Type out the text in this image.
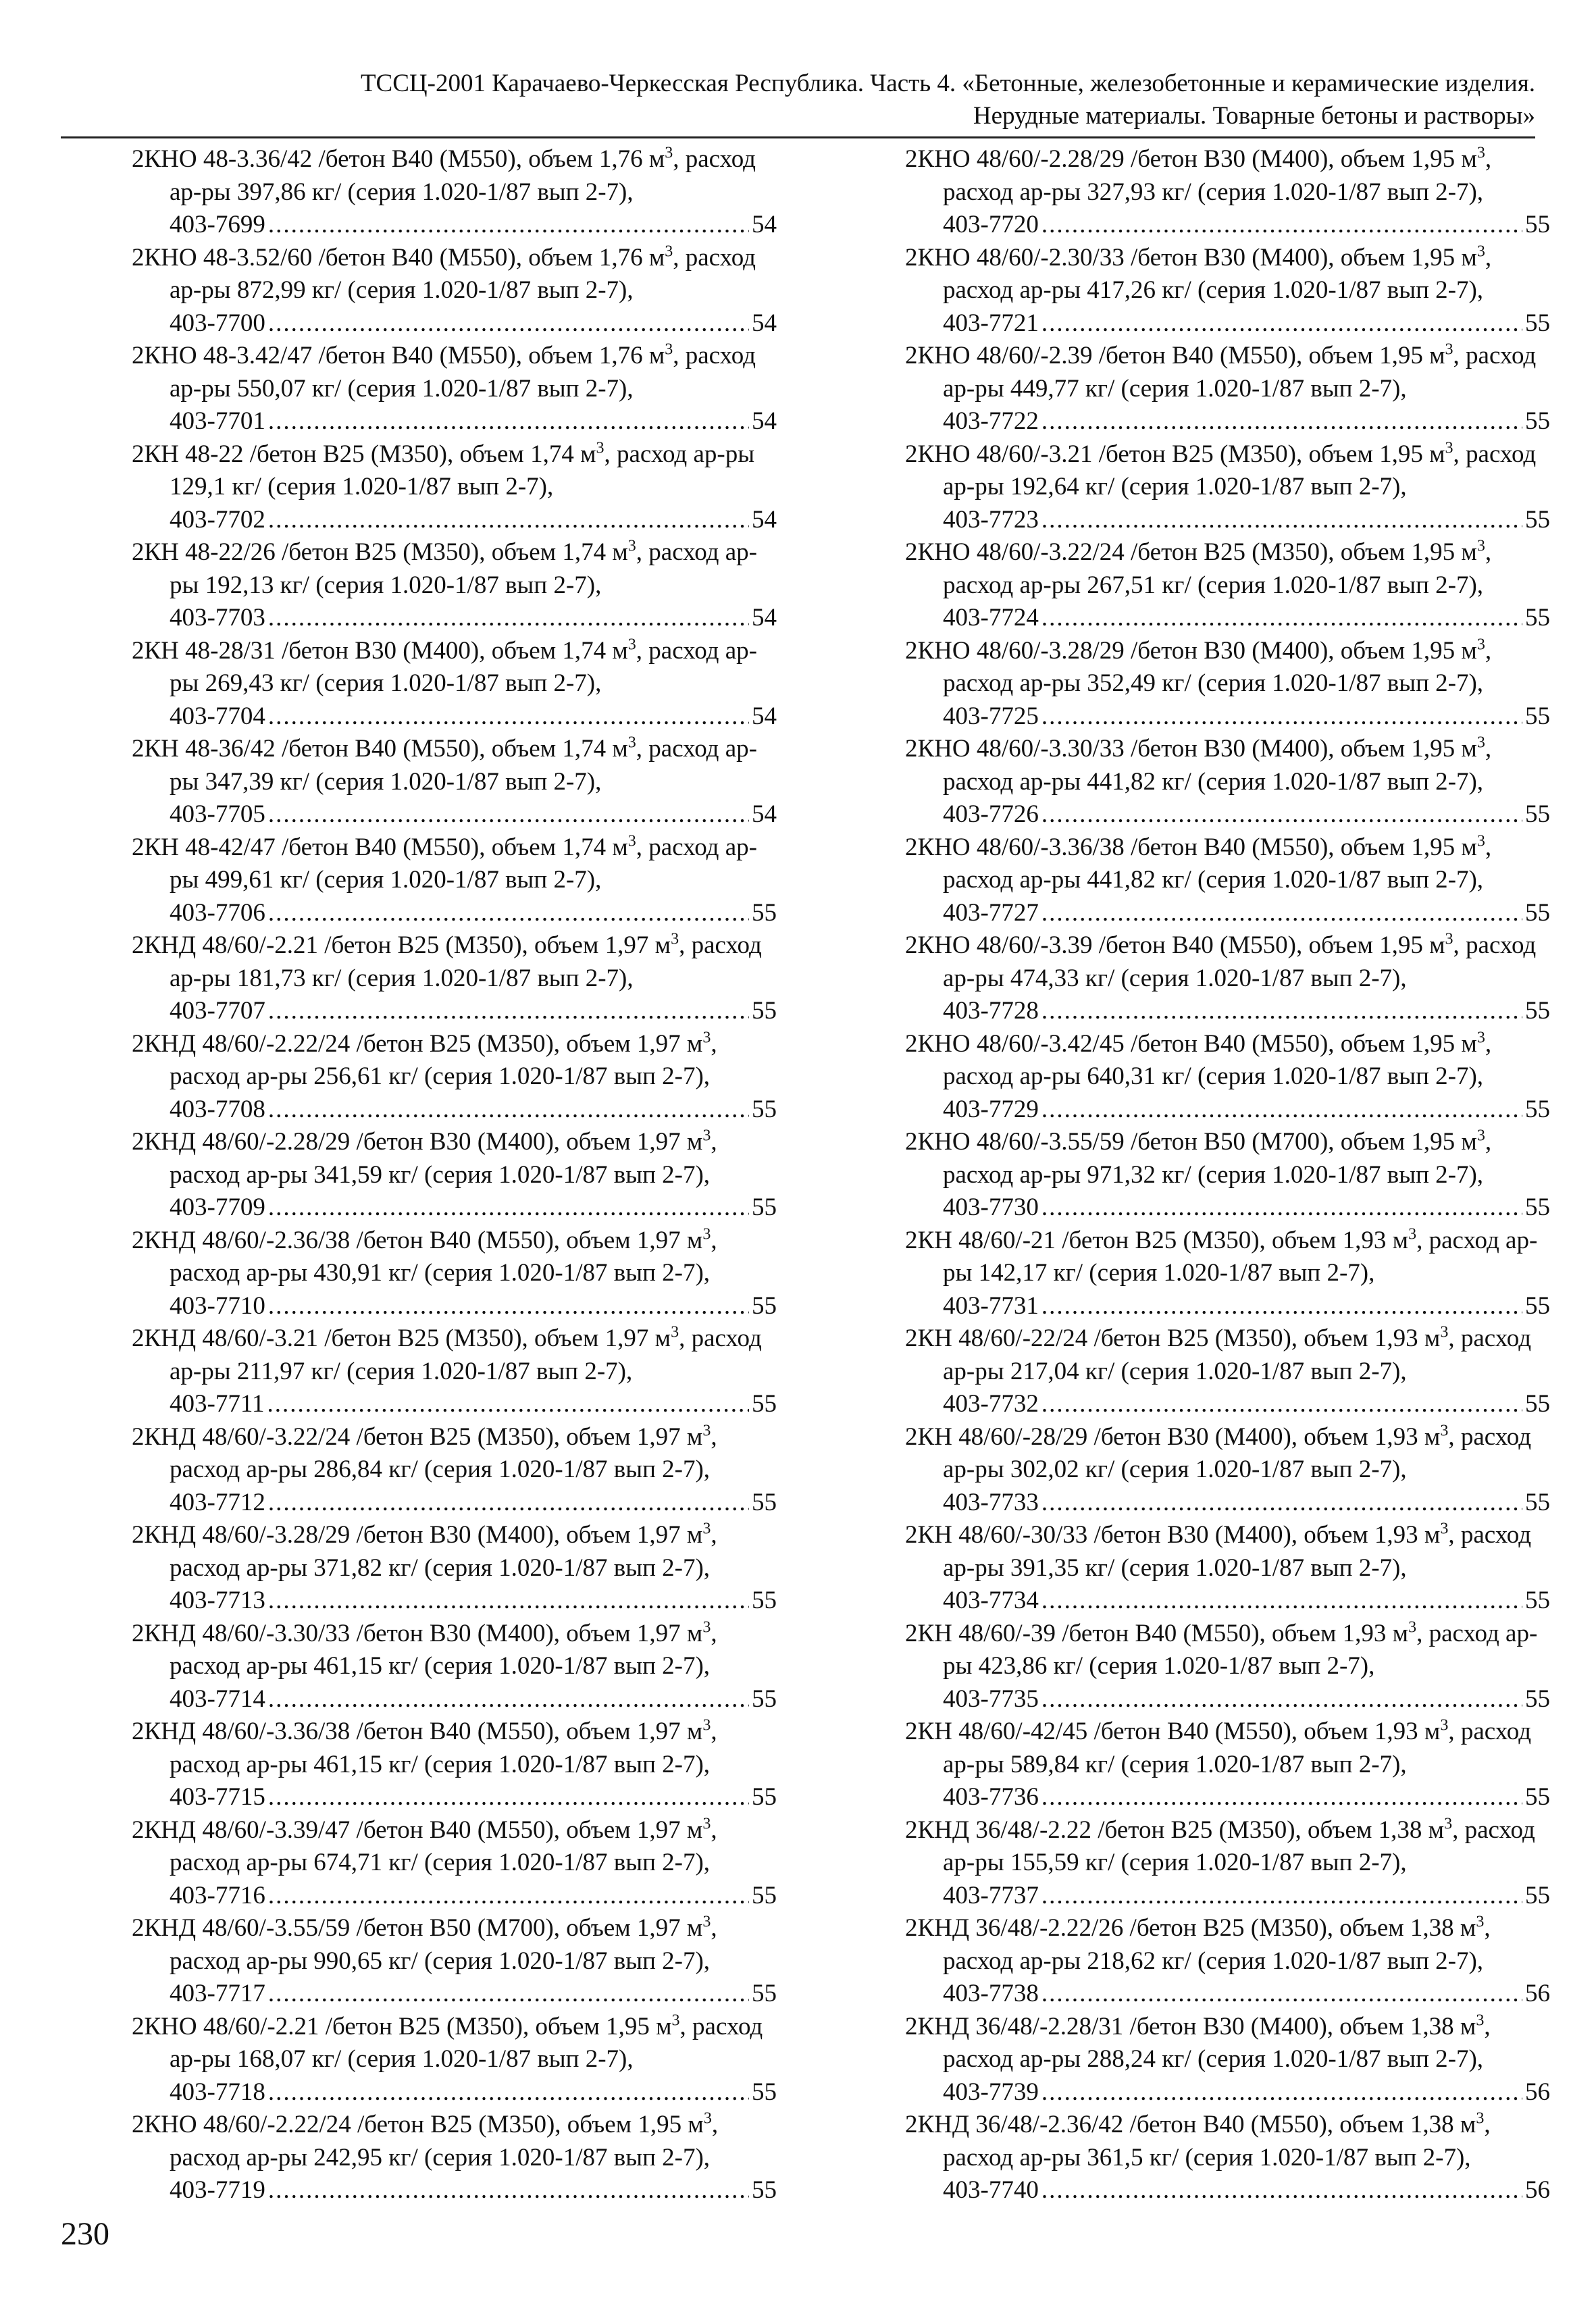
ТССЦ-2001 Карачаево-Черкесская Республика. Часть 4. «Бетонные, железобетонные и керамические изделия.
Нерудные материалы. Товарные бетоны и растворы»
2КНО 48-3.36/42 /бетон В40 (М550), объем 1,76 $м^3$, расход ар-ры 397,86 кг/ (серия 1.020-1/87 вып 2-7),
403-7699 .....	54
2КНО 48-3.52/60 /бетон В40 (М550), объем 1,76 $м^3$, расход ар-ры 872,99 кг/ (серия 1.020-1/87 вып 2-7),
403-7700 .....	54
2КНО 48-3.42/47 /бетон В40 (М550), объем 1,76 $м^3$, расход ар-ры 550,07 кг/ (серия 1.020-1/87 вып 2-7),
403-7701 .....	54
2КН 48-22 /бетон В25 (М350), объем 1,74 $м^3$, расход ар-ры 129,1 кг/ (серия 1.020-1/87 вып 2-7),
403-7702 .....	54
2КН 48-22/26 /бетон В25 (М350), объем 1,74 $м^3$, расход ар-ры 192,13 кг/ (серия 1.020-1/87 вып 2-7),
403-7703 .....	54
2КН 48-28/31 /бетон В30 (М400), объем 1,74 $м^3$, расход ар-ры 269,43 кг/ (серия 1.020-1/87 вып 2-7),
403-7704 .....	54
2КН 48-36/42 /бетон В40 (М550), объем 1,74 $м^3$, расход ар-ры 347,39 кг/ (серия 1.020-1/87 вып 2-7),
403-7705 .....	54
2КН 48-42/47 /бетон В40 (М550), объем 1,74 $м^3$, расход ар-ры 499,61 кг/ (серия 1.020-1/87 вып 2-7),
403-7706 .....	55
2КНД 48/60/-2.21 /бетон В25 (М350), объем 1,97 $м^3$, расход ар-ры 181,73 кг/ (серия 1.020-1/87 вып 2-7),
403-7707 .....	55
2КНД 48/60/-2.22/24 /бетон В25 (М350), объем 1,97 $м^3$, расход ар-ры 256,61 кг/ (серия 1.020-1/87 вып 2-7),
403-7708 .....	55
2КНД 48/60/-2.28/29 /бетон В30 (М400), объем 1,97 $м^3$, расход ар-ры 341,59 кг/ (серия 1.020-1/87 вып 2-7),
403-7709 .....	55
2КНД 48/60/-2.36/38 /бетон В40 (М550), объем 1,97 $м^3$, расход ар-ры 430,91 кг/ (серия 1.020-1/87 вып 2-7),
403-7710 .....	55
2КНД 48/60/-3.21 /бетон В25 (М350), объем 1,97 $м^3$, расход ар-ры 211,97 кг/ (серия 1.020-1/87 вып 2-7),
403-7711 .....	55
2КНД 48/60/-3.22/24 /бетон В25 (М350), объем 1,97 $м^3$, расход ар-ры 286,84 кг/ (серия 1.020-1/87 вып 2-7),
403-7712 .....	55
2КНД 48/60/-3.28/29 /бетон В30 (М400), объем 1,97 $м^3$, расход ар-ры 371,82 кг/ (серия 1.020-1/87 вып 2-7),
403-7713 .....	55
2КНД 48/60/-3.30/33 /бетон В30 (М400), объем 1,97 $м^3$, расход ар-ры 461,15 кг/ (серия 1.020-1/87 вып 2-7),
403-7714 .....	55
2КНД 48/60/-3.36/38 /бетон В40 (М550), объем 1,97 $м^3$, расход ар-ры 461,15 кг/ (серия 1.020-1/87 вып 2-7),
403-7715 .....	55
2КНД 48/60/-3.39/47 /бетон В40 (М550), объем 1,97 $м^3$, расход ар-ры 674,71 кг/ (серия 1.020-1/87 вып 2-7),
403-7716 .....	55
2КНД 48/60/-3.55/59 /бетон В50 (М700), объем 1,97 $м^3$, расход ар-ры 990,65 кг/ (серия 1.020-1/87 вып 2-7),
403-7717 .....	55
2КНО 48/60/-2.21 /бетон В25 (М350), объем 1,95 $м^3$, расход ар-ры 168,07 кг/ (серия 1.020-1/87 вып 2-7),
403-7718 .....	55
2КНО 48/60/-2.22/24 /бетон В25 (М350), объем 1,95 $м^3$, расход ар-ры 242,95 кг/ (серия 1.020-1/87 вып 2-7),
403-7719 .....	55
2КНО 48/60/-2.28/29 /бетон В30 (М400), объем 1,95 $м^3$, расход ар-ры 327,93 кг/ (серия 1.020-1/87 вып 2-7),
403-7720 .....	55
2КНО 48/60/-2.30/33 /бетон В30 (М400), объем 1,95 $м^3$, расход ар-ры 417,26 кг/ (серия 1.020-1/87 вып 2-7),
403-7721 .....	55
2КНО 48/60/-2.39 /бетон В40 (М550), объем 1,95 $м^3$, расход ар-ры 449,77 кг/ (серия 1.020-1/87 вып 2-7),
403-7722 .....	55
2КНО 48/60/-3.21 /бетон В25 (М350), объем 1,95 $м^3$, расход ар-ры 192,64 кг/ (серия 1.020-1/87 вып 2-7),
403-7723 .....	55
2КНО 48/60/-3.22/24 /бетон В25 (М350), объем 1,95 $м^3$, расход ар-ры 267,51 кг/ (серия 1.020-1/87 вып 2-7),
403-7724 .....	55
2КНО 48/60/-3.28/29 /бетон В30 (М400), объем 1,95 $м^3$, расход ар-ры 352,49 кг/ (серия 1.020-1/87 вып 2-7),
403-7725 .....	55
2КНО 48/60/-3.30/33 /бетон В30 (М400), объем 1,95 $м^3$, расход ар-ры 441,82 кг/ (серия 1.020-1/87 вып 2-7),
403-7726 .....	55
2КНО 48/60/-3.36/38 /бетон В40 (М550), объем 1,95 $м^3$, расход ар-ры 441,82 кг/ (серия 1.020-1/87 вып 2-7),
403-7727 .....	55
2КНО 48/60/-3.39 /бетон В40 (М550), объем 1,95 $м^3$, расход ар-ры 474,33 кг/ (серия 1.020-1/87 вып 2-7),
403-7728 .....	55
2КНО 48/60/-3.42/45 /бетон В40 (М550), объем 1,95 $м^3$, расход ар-ры 640,31 кг/ (серия 1.020-1/87 вып 2-7),
403-7729 .....	55
2КНО 48/60/-3.55/59 /бетон В50 (М700), объем 1,95 $м^3$, расход ар-ры 971,32 кг/ (серия 1.020-1/87 вып 2-7),
403-7730 .....	55
2КН 48/60/-21 /бетон В25 (М350), объем 1,93 $м^3$, расход ар-ры 142,17 кг/ (серия 1.020-1/87 вып 2-7),
403-7731 .....	55
2КН 48/60/-22/24 /бетон В25 (М350), объем 1,93 $м^3$, расход ар-ры 217,04 кг/ (серия 1.020-1/87 вып 2-7),
403-7732 .....	55
2КН 48/60/-28/29 /бетон В30 (М400), объем 1,93 $м^3$, расход ар-ры 302,02 кг/ (серия 1.020-1/87 вып 2-7),
403-7733 .....	55
2КН 48/60/-30/33 /бетон В30 (М400), объем 1,93 $м^3$, расход ар-ры 391,35 кг/ (серия 1.020-1/87 вып 2-7),
403-7734 .....	55
2КН 48/60/-39 /бетон В40 (М550), объем 1,93 $м^3$, расход ар-ры 423,86 кг/ (серия 1.020-1/87 вып 2-7),
403-7735 .....	55
2КН 48/60/-42/45 /бетон В40 (М550), объем 1,93 $м^3$, расход ар-ры 589,84 кг/ (серия 1.020-1/87 вып 2-7),
403-7736 .....	55
2КНД 36/48/-2.22 /бетон В25 (М350), объем 1,38 $м^3$, расход ар-ры 155,59 кг/ (серия 1.020-1/87 вып 2-7),
403-7737 .....	55
2КНД 36/48/-2.22/26 /бетон В25 (М350), объем 1,38 $м^3$, расход ар-ры 218,62 кг/ (серия 1.020-1/87 вып 2-7),
403-7738 .....	56
2КНД 36/48/-2.28/31 /бетон В30 (М400), объем 1,38 $м^3$, расход ар-ры 288,24 кг/ (серия 1.020-1/87 вып 2-7),
403-7739 .....	56
2КНД 36/48/-2.36/42 /бетон В40 (М550), объем 1,38 $м^3$, расход ар-ры 361,5 кг/ (серия 1.020-1/87 вып 2-7),
403-7740 .....	56
230
